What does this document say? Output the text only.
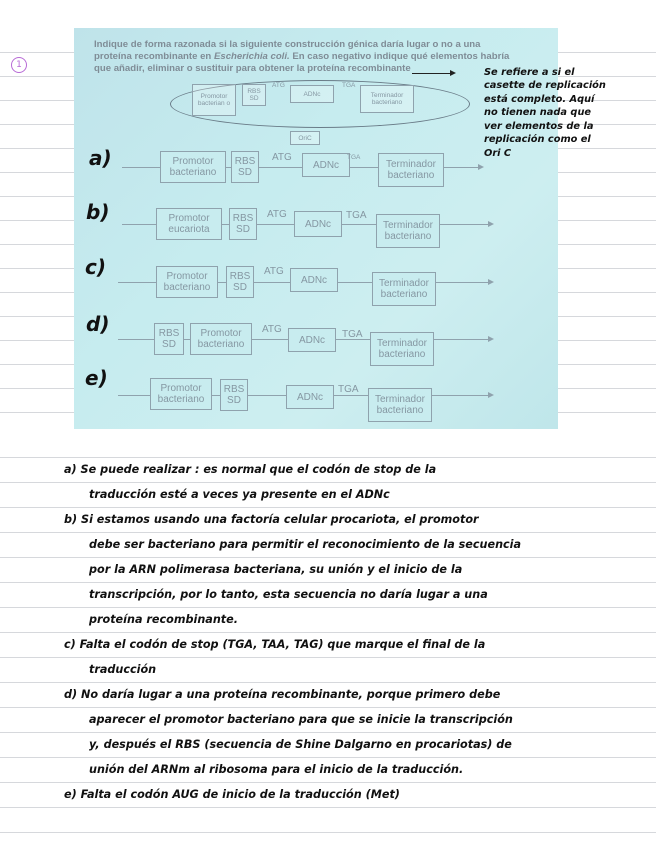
1
Indique de forma razonada si la siguiente construcción génica daría lugar o no a una
proteína recombinante en Escherichia coli. En caso negativo indique qué elementos habría
que añadir, eliminar o sustituir para obtener la proteína recombinante
Promotor bacterian o
RBS SD
ATG
ADNc
TGA
Terminador bacteriano
OriC
Promotor bacteriano
RBS SD
ATG
ADNc
TGA
Terminador bacteriano
Promotor eucariota
RBS SD
ATG
ADNc
TGA
Terminador bacteriano
Promotor bacteriano
RBS SD
ATG
ADNc	Terminador bacteriano
RBS SD
Promotor bacteriano
ATG
ADNc	TGA
Terminador bacteriano
Promotor bacteriano
RBS SD	ADNc
TGA
Terminador bacteriano
a)
b)
c)
d)
e)
Se refiere a si el
casette de replicación
está completo. Aquí
no tienen nada que
ver elementos de la
replicación como el
Ori C
a) Se puede realizar : es normal que el codón de stop de la
traducción esté a veces ya presente en el ADNc
b) Si estamos usando una factoría celular procariota, el promotor
debe ser bacteriano para permitir el reconocimiento de la secuencia
por la ARN polimerasa bacteriana, su unión y el inicio de la
transcripción, por lo tanto, esta secuencia no daría lugar a una
proteína recombinante.
c) Falta el codón de stop (TGA, TAA, TAG) que marque el final de la
traducción
d) No daría lugar a una proteína recombinante, porque primero debe
aparecer el promotor bacteriano para que se inicie la transcripción
y, después el RBS (secuencia de Shine Dalgarno en procariotas) de
unión del ARNm al ribosoma para el inicio de la traducción.
e) Falta el codón AUG de inicio de la traducción (Met)
